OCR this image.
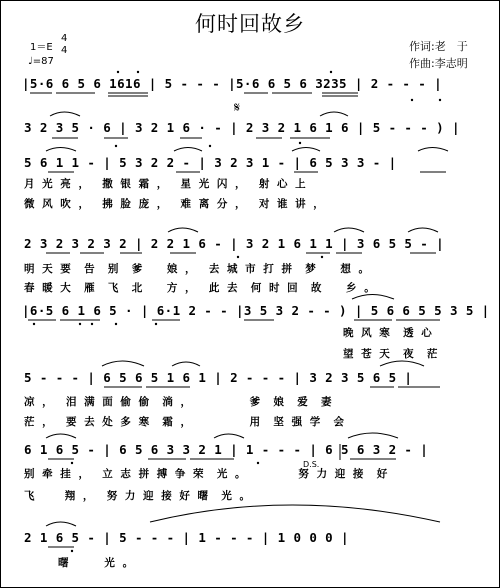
何时回故乡
1＝E
4
4
♩=87
作词:老　于
作曲:李志明
|5·6 6 5 6 1616 | 5 - - - |5·6 6 5 6 3235 | 2 - - - |
𝄋
3 2 3 5 · 6 | 3 2 1 6 · - | 2 3 2 1 6 1 6 | 5 - - - ) |
5 6 1 1 - | 5 3 2 2 - | 3 2 3 1 - | 6 5 3 3 - |
月 光 亮 ，  撒 银 霜 ，  星 光 闪 ，  射 心 上
微 风 吹 ，  拂 脸 庞 ，  难 离 分 ，  对 谁 讲 ，
2 3 2 3 2 3 2 | 2 2 1 6 - | 3 2 1 6 1 1 | 3 6 5 5 - |
明 天 要  告  别  爹    娘 ，  去 城 市 打 拼  梦    想 。
春 暖 大  雁  飞  北    方 ，  此 去  何 时 回  故    乡 。
|6·5 6 1 6 5 · | 6·1 2 - - |3 5 3 2 - - ) | 5 6 6 5 5 3 5 |
晚 风 寒  透 心
望 苍 天  夜  茫
5 - - - | 6 5 6 5 1 6 1 | 2 - - - | 3 2 3 5 6 5 |
凉 ，  泪 满 面 偷 偷  淌 ，          爹  娘  爱  妻
茫 ，  要 去 处 多 寒  霜 ，          用  坚 强 学  会
6 1 6 5 - | 6 5 6 3 3 2 1 | 1 - - - | 6 5 6 3 2 - |
D.S.
别 牵 挂 ，  立 志 拼 搏 争 荣  光 。         努 力 迎 接  好
飞     翔 ，  努 力 迎 接 好 曙  光 。
2 1 6 5 - | 5 - - - | 1 - - - | 1 0 0 0 |
曙      光 。
